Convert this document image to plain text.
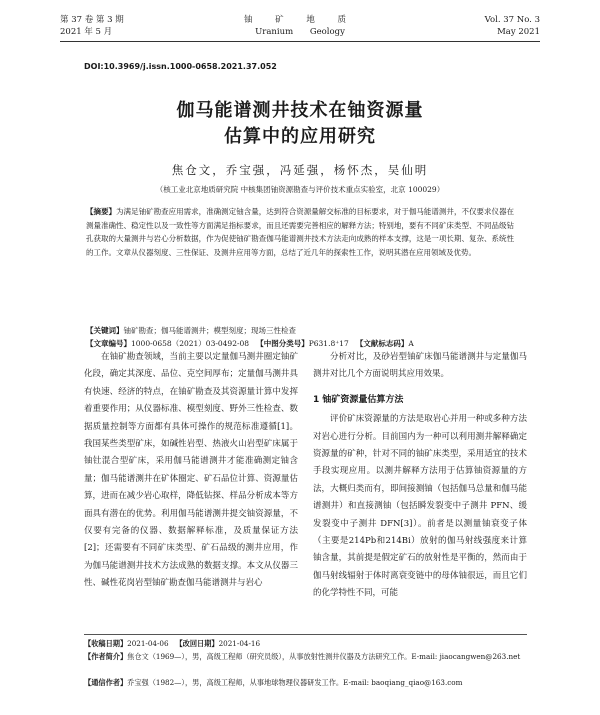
第 37 卷 第 3 期
2021 年 5 月
铀 矿 地 质
Uranium Geology
Vol. 37 No. 3
May 2021
DOI:10.3969/j.issn.1000-0658.2021.37.052
伽马能谱测井技术在铀资源量
估算中的应用研究
焦仓文，乔宝强，冯延强，杨怀杰，吴仙明
（核工业北京地质研究院 中核集团铀资源勘查与评价技术重点实验室，北京 100029）
【摘要】为满足铀矿勘查应用需求，准确测定铀含量，达到符合资源量解交标准的目标要求，对于伽马能谱测井，不仅要求仪器在测量准确性、稳定性以及一致性等方面满足指标要求，而且还需要完善相应的解释方法；特别地，要有不同矿床类型、不同品级钻孔获取的大量测井与岩心分析数据，作为促使铀矿勘查伽马能谱测井技术方法走向成熟的样本支撑，这是一项长期、复杂、系统性的工作。文章从仪器刻度、三性保证、及测井应用等方面，总结了近几年的探索性工作，说明其潜在应用领域及优势。
【关键词】铀矿勘查；伽马能谱测井；模型刻度；现场三性检查
【文章编号】1000-0658（2021）03-0492-08 【中图分类号】P631.8⁺17 【文献标志码】A

在铀矿勘查领域，当前主要以定量伽马测井圈定铀矿化段，确定其深度、品位、克空间厚布；定量伽马测井具有快速、经济的特点，在铀矿勘查及其资源量计算中发挥着重要作用；从仪器标准、模型刻度、野外三性检查、数据质量控制等方面都有具体可操作的规范标准遵循[1]。我国某些类型矿床，如碱性岩型、热液火山岩型矿床属于铀钍混合型矿床，采用伽马能谱测井才能准确测定铀含量；伽马能谱测井在矿体圈定、矿石品位计算、资源量估算，进而在减少岩心取样，降低钻探、样品分析成本等方面具有潜在的优势。利用伽马能谱测井提交铀资源量，不仅要有完备的仪器、数据解释标准，及质量保证方法[2]；还需要有不同矿床类型、矿石品级的测井应用，作为伽马能谱测井技术方法成熟的数据支撑。本文从仪器三性、碱性花岗岩型铀矿勘查伽马能谱测井与岩心

分析对比，及砂岩型铀矿床伽马能谱测井与定量伽马测井对比几个方面说明其应用效果。

1 铀矿资源量估算方法

评价矿床资源量的方法是取岩心并用一种或多种方法对岩心进行分析。目前国内为一种可以利用测井解释确定资源量的矿种，针对不同的铀矿床类型，采用适宜的技术手段实现应用。以测井解释方法用于估算铀资源量的方法，大概归类而有，即间接测铀（包括伽马总量和伽马能谱测井）和直接测铀（包括瞬发裂变中子测井 PFN、缓发裂变中子测井 DFN[3]）。前者是以测量铀衰变子体（主要是214Pb和214Bi）放射的伽马射线强度来计算铀含量，其前提是假定矿石的放射性是平衡的，然而由于伽马射线辐射于体时离衰变链中的母体铀很远，而且它们的化学特性不同，可能

【收稿日期】2021-04-06 【改回日期】2021-04-16
【作者简介】焦仓文（1969—），男，高级工程师（研究员级），从事放射性测井仪器及方法研究工作。E-mail: jiaocangwen@263.net
【通信作者】乔宝强（1982—），男，高级工程师，从事地球物理仪器研发工作。E-mail: baoqiang_qiao@163.com
